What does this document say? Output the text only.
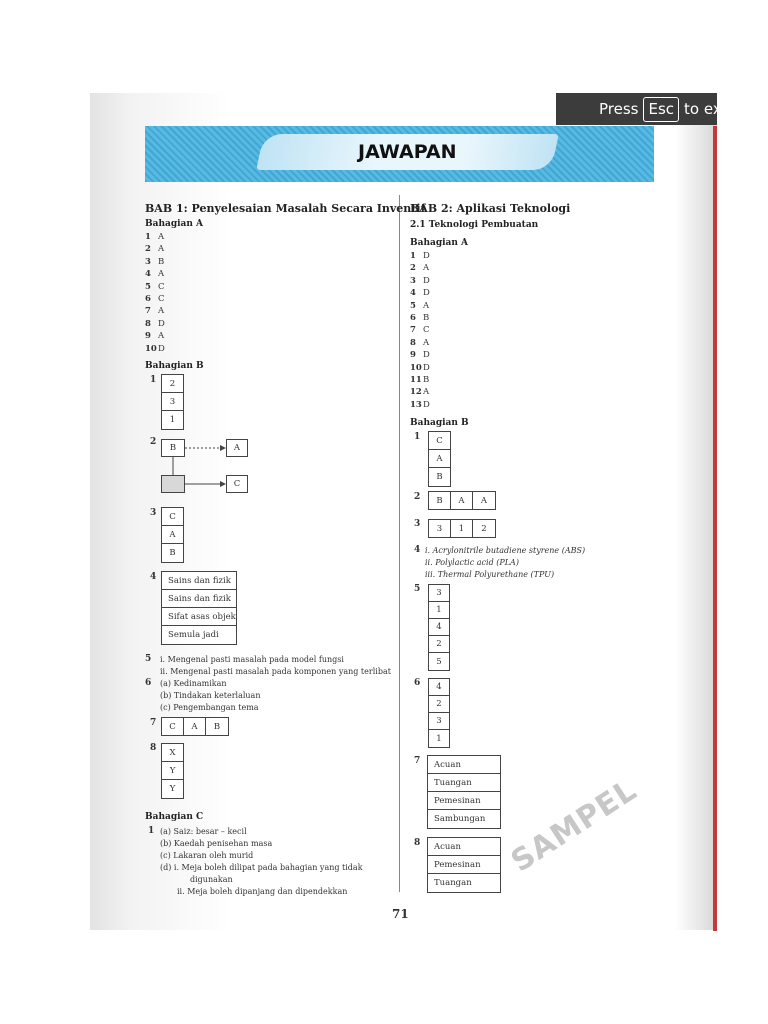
Press Esc to ex
JAWAPAN
BAB 1: Penyelesaian Masalah Secara Inventif
Bahagian A
1 A
2 A
3 B
4 A
5 C
6 C
7 A
8 D
9 A
10D
Bahagian B
1	2
3
1
2
B	A
C
3	C
A
B
4	Sains dan fizik
Sains dan fizik
Sifat asas objek
Semula jadi
5 i. Mengenal pasti masalah pada model fungsi
ii. Mengenal pasti masalah pada komponen yang terlibat
6 (a) Kedinamikan
(b) Tindakan keterlaluan
(c) Pengembangan tema
7	C	A	B
8	X
Y
Y
Bahagian C
1 (a) Saiz: besar – kecil
(b) Kaedah penisehan masa
(c) Lakaran oleh murid
(d) i. Meja boleh dilipat pada bahagian yang tidak
digunakan
ii. Meja boleh dipanjang dan dipendekkan
BAB 2: Aplikasi Teknologi
2.1 Teknologi Pembuatan
Bahagian A
1 D
2 A
3 D
4 D
5 A
6 B
7 C
8 A
9 D
10D
11B
12A
13D
Bahagian B
1	C
A
B
2	B	A	A
3	3	1	2
4 i. Acrylonitrile butadiene styrene (ABS)
ii. Polylactic acid (PLA)
iii. Thermal Polyurethane (TPU)
5	3
1
4
2
5
6	4
2
3
1
7	Acuan
Tuangan
Pemesinan
Sambungan
8	Acuan
Pemesinan
Tuangan
71
SAMPEL
